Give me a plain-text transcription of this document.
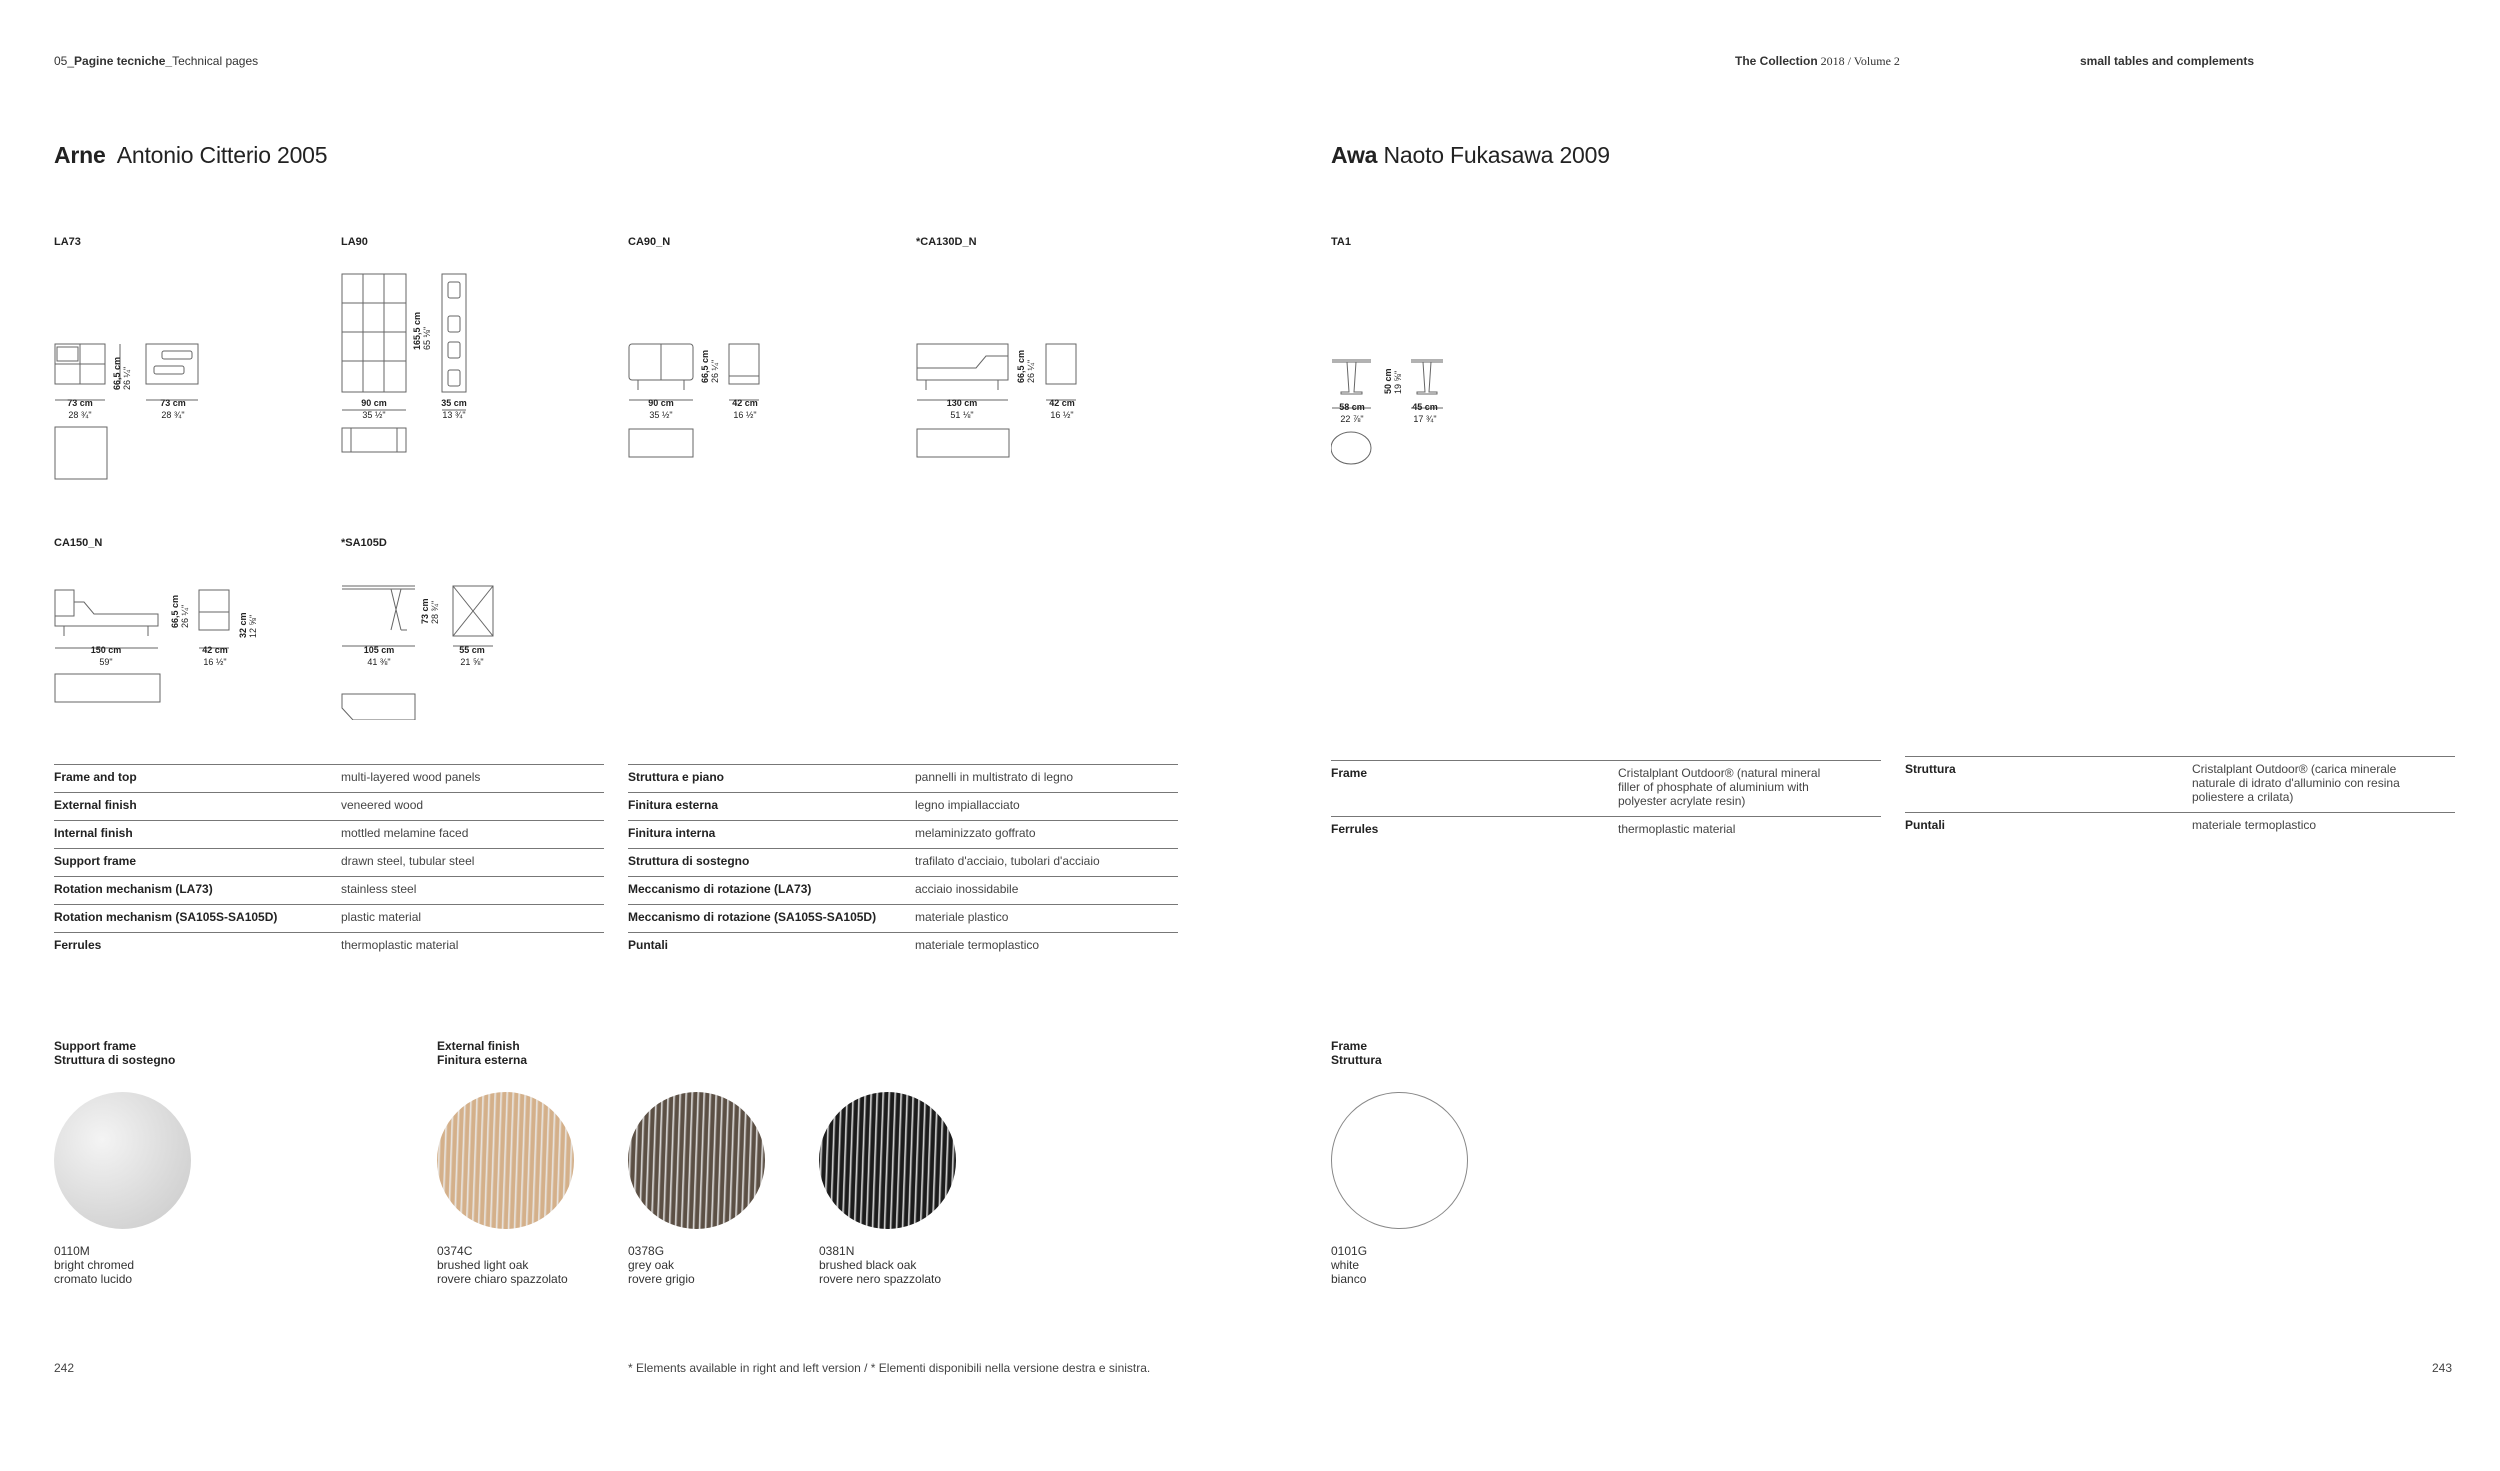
05_Pagine tecniche_Technical pages	The Collection 2018 / Volume 2	small tables and complements
Arne Antonio Citterio 2005
LA73
73 cm
28 ¾"
73 cm
28 ¾"
66,5 cm
26 ¼"
LA90
90 cm
35 ½"
35 cm
13 ¾"
165,5 cm
65 ⅛"
CA90_N
90 cm
35 ½"
42 cm
16 ½"
66,5 cm
26 ¼"
*CA130D_N
130 cm
51 ⅛"
42 cm
16 ½"
66,5 cm
26 ¼"
CA150_N
150 cm
59"
42 cm
16 ½"
66,5 cm
26 ¼"	32 cm
12 ⅝"
*SA105D
105 cm
41 ⅜"
55 cm
21 ⅝"
73 cm
28 ¾"
Frame and top	multi-layered wood panels
External finish	veneered wood
Internal finish	mottled melamine faced
Support frame	drawn steel, tubular steel
Rotation mechanism (LA73)	stainless steel
Rotation mechanism (SA105S-SA105D)	plastic material
Ferrules	thermoplastic material
Struttura e piano	pannelli in multistrato di legno
Finitura esterna	legno impiallacciato
Finitura interna	melaminizzato goffrato
Struttura di sostegno	trafilato d'acciaio, tubolari d'acciaio
Meccanismo di rotazione (LA73)	acciaio inossidabile
Meccanismo di rotazione (SA105S-SA105D)	materiale plastico
Puntali	materiale termoplastico
Support frame
Struttura di sostegno
External finish
Finitura esterna
0110M
bright chromed
cromato lucido
0374C
brushed light oak
rovere chiaro spazzolato
0378G
grey oak
rovere grigio
0381N
brushed black oak
rovere nero spazzolato
242	* Elements available in right and left version / * Elementi disponibili nella versione destra e sinistra.
Awa Naoto Fukasawa 2009
TA1
58 cm
22 ⅞"
45 cm
17 ¾"
50 cm
19 ⅝"
Frame	Cristalplant Outdoor® (natural mineral filler of phosphate of aluminium with polyester acrylate resin)
Ferrules	thermoplastic material
Struttura	Cristalplant Outdoor® (carica minerale naturale di idrato d'alluminio con resina poliestere a crilata)
Puntali	materiale termoplastico
Frame
Struttura
0101G
white
bianco
243
